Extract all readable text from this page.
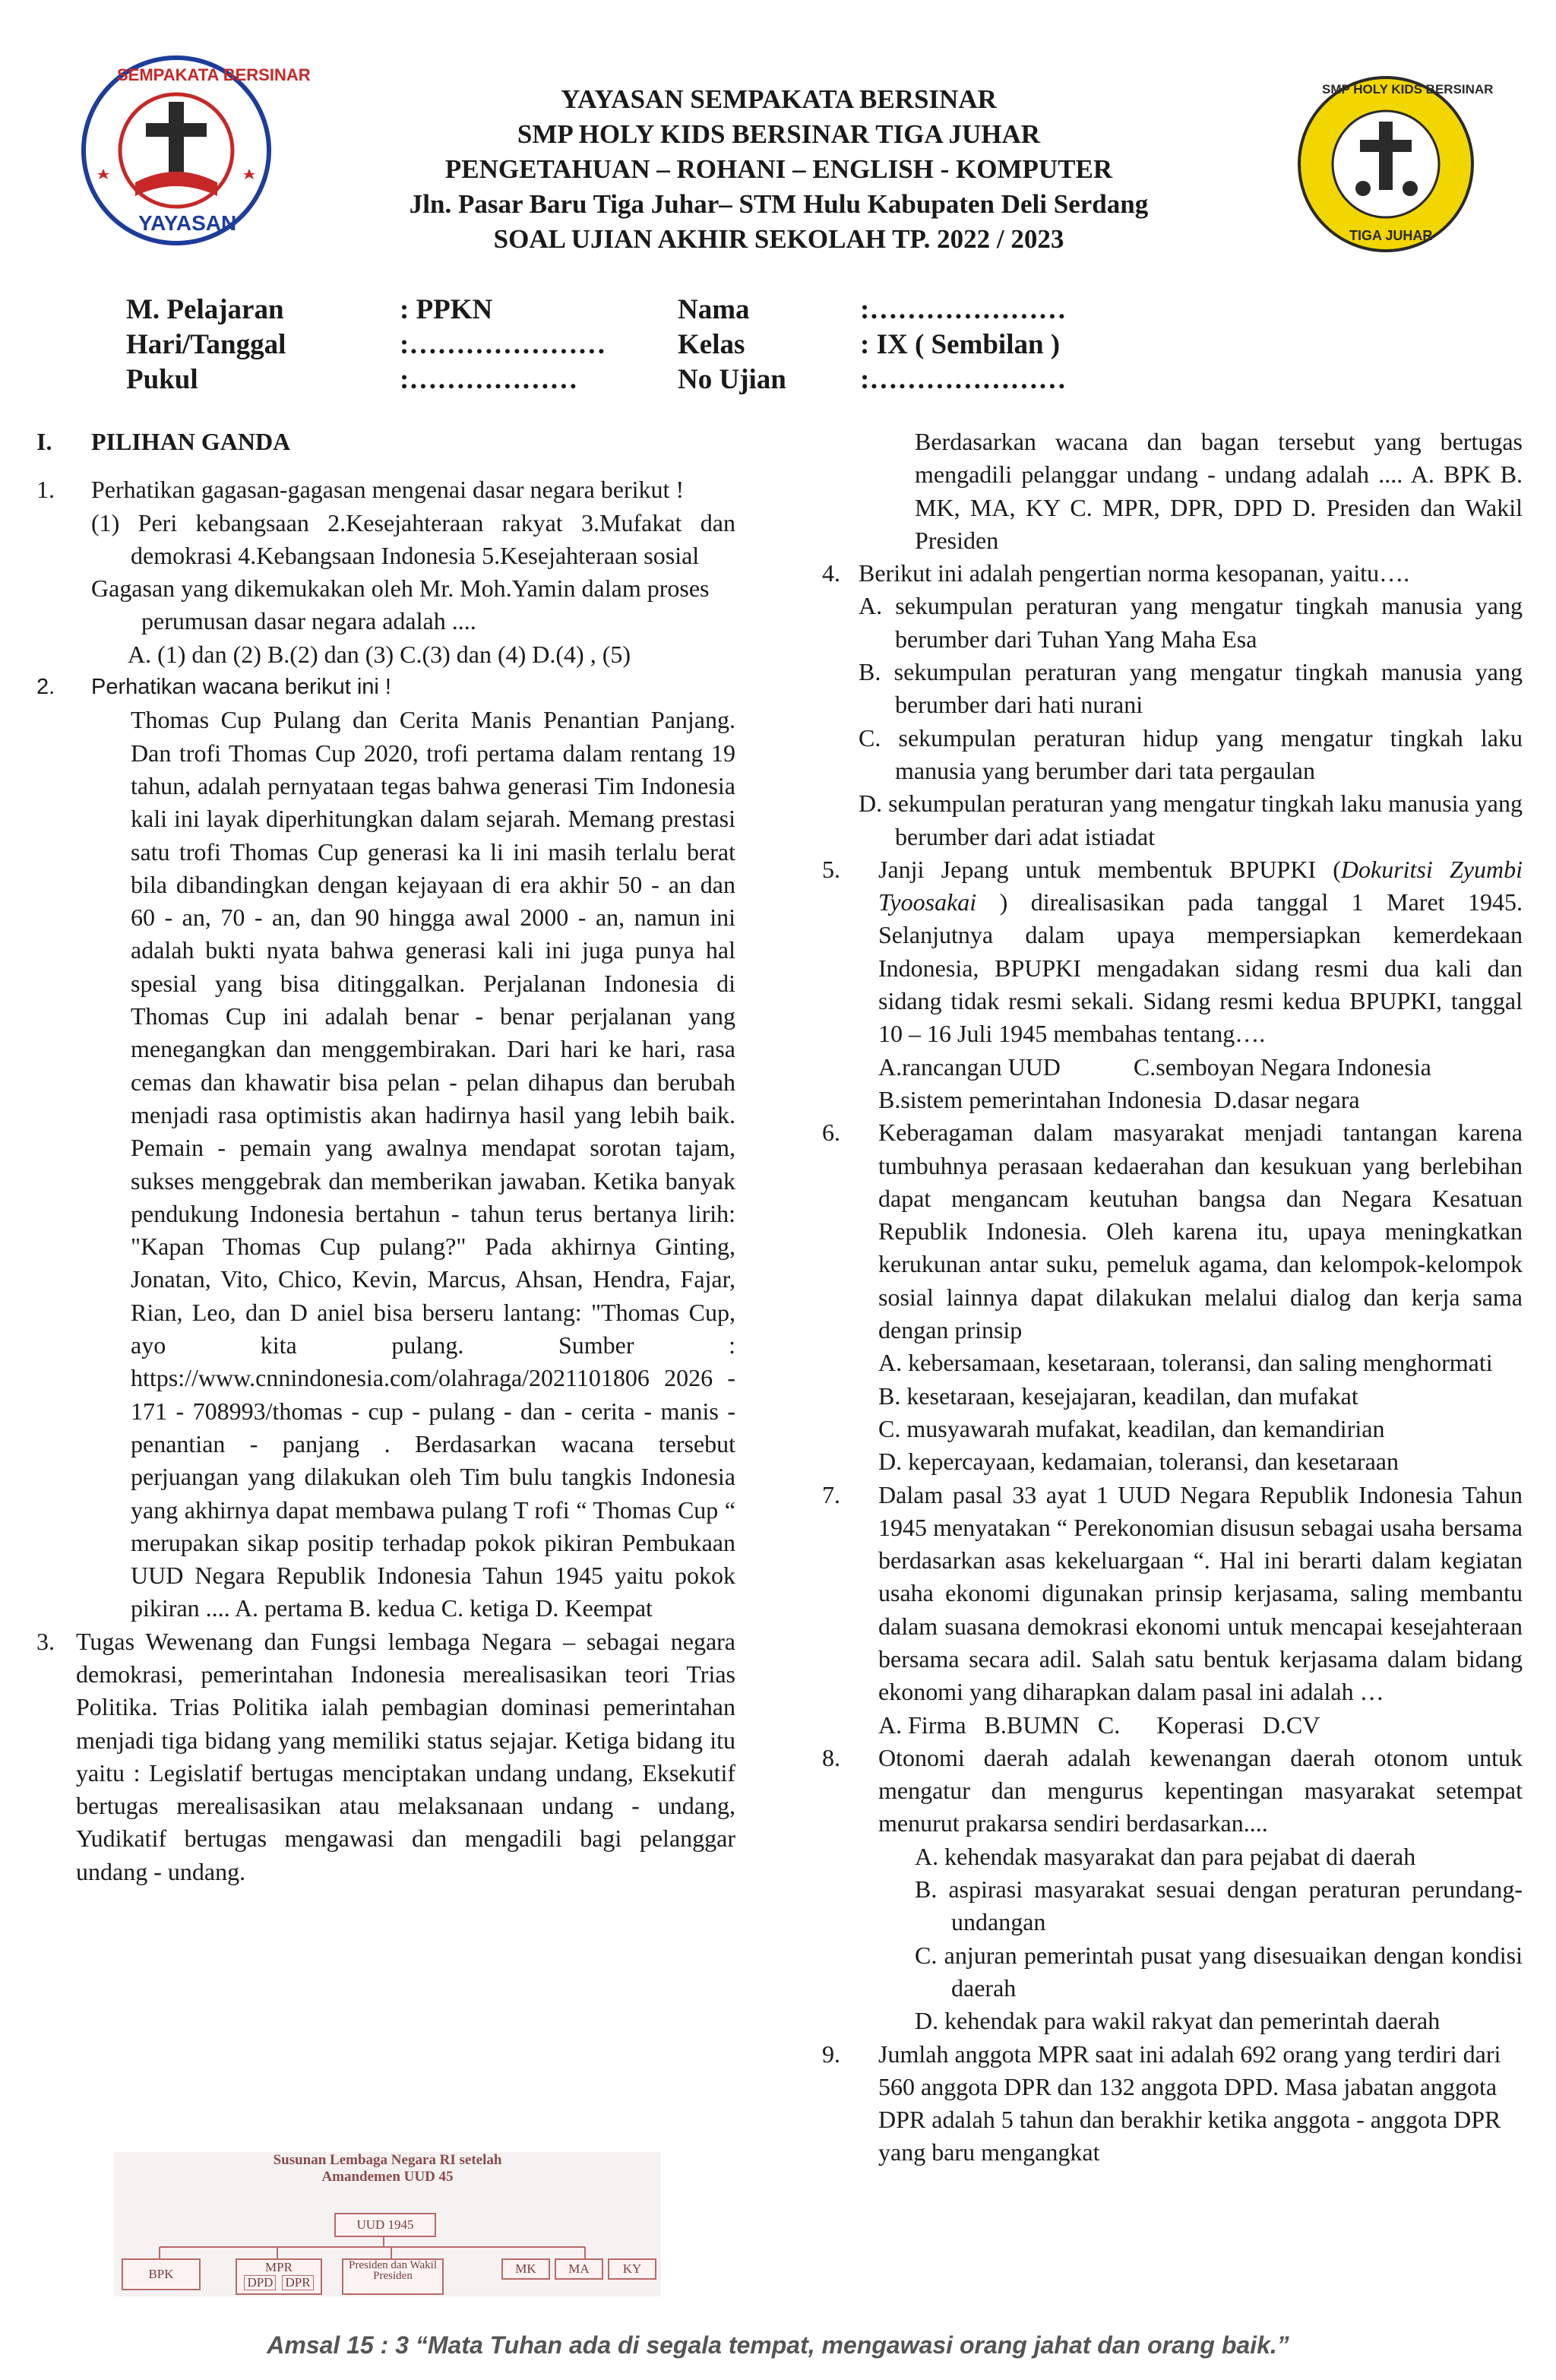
SEMPAKATA BERSINAR
YAYASAN
SMP HOLY KIDS BERSINAR
TIGA JUHAR
YAYASAN SEMPAKATA BERSINAR
SMP HOLY KIDS BERSINAR TIGA JUHAR
PENGETAHUAN – ROHANI – ENGLISH - KOMPUTER
Jln. Pasar Baru Tiga Juhar– STM Hulu Kabupaten Deli Serdang
SOAL UJIAN AKHIR SEKOLAH TP. 2022 / 2023
M. Pelajaran	: PPKN	Nama	:…………………
Hari/Tanggal	:…………………	Kelas	: IX ( Sembilan )
Pukul	:………………	No Ujian	:…………………

I. PILIHAN GANDA

1. Perhatikan gagasan-gagasan mengenai dasar negara berikut !

(1) Peri kebangsaan 2.Kesejahteraan rakyat 3.Mufakat dan demokrasi 4.Kebangsaan Indonesia 5.Kesejahteraan sosial

Gagasan yang dikemukakan oleh Mr. Moh.Yamin dalam proses perumusan dasar negara adalah ....

A. (1) dan (2) B.(2) dan (3) C.(3) dan (4) D.(4) , (5)

2. Perhatikan wacana berikut ini !

Thomas Cup Pulang dan Cerita Manis Penantian Panjang. Dan trofi Thomas Cup 2020, trofi pertama dalam rentang 19 tahun, adalah pernyataan tegas bahwa generasi Tim Indonesia kali ini layak diperhitungkan dalam sejarah. Memang prestasi satu trofi Thomas Cup generasi ka li ini masih terlalu berat bila dibandingkan dengan kejayaan di era akhir 50 - an dan 60 - an, 70 - an, dan 90 hingga awal 2000 - an, namun ini adalah bukti nyata bahwa generasi kali ini juga punya hal spesial yang bisa ditinggalkan. Perjalanan Indonesia di Thomas Cup ini adalah benar - benar perjalanan yang menegangkan dan menggembirakan. Dari hari ke hari, rasa cemas dan khawatir bisa pelan - pelan dihapus dan berubah menjadi rasa optimistis akan hadirnya hasil yang lebih baik. Pemain - pemain yang awalnya mendapat sorotan tajam, sukses menggebrak dan memberikan jawaban. Ketika banyak pendukung Indonesia bertahun - tahun terus bertanya lirih: "Kapan Thomas Cup pulang?" Pada akhirnya Ginting, Jonatan, Vito, Chico, Kevin, Marcus, Ahsan, Hendra, Fajar, Rian, Leo, dan D aniel bisa berseru lantang: "Thomas Cup, ayo kita pulang. Sumber : https://www.cnnindonesia.com/olahraga/2021101806 2026 - 171 - 708993/thomas - cup - pulang - dan - cerita - manis - penantian - panjang . Berdasarkan wacana tersebut perjuangan yang dilakukan oleh Tim bulu tangkis Indonesia yang akhirnya dapat membawa pulang T rofi “ Thomas Cup “ merupakan sikap positip terhadap pokok pikiran Pembukaan UUD Negara Republik Indonesia Tahun 1945 yaitu pokok pikiran .... A. pertama B. kedua C. ketiga D. Keempat

3. Tugas Wewenang dan Fungsi lembaga Negara – sebagai negara demokrasi, pemerintahan Indonesia merealisasikan teori Trias Politika. Trias Politika ialah pembagian dominasi pemerintahan menjadi tiga bidang yang memiliki status sejajar. Ketiga bidang itu yaitu : Legislatif bertugas menciptakan undang undang, Eksekutif bertugas merealisasikan atau melaksanaan undang - undang, Yudikatif bertugas mengawasi dan mengadili bagi pelanggar undang - undang.

Susunan Lembaga Negara RI setelah
Amandemen UUD 45
UUD 1945
BPK	MPR
DPD DPR
Presiden dan Wakil Presiden	MK	MA	KY

Berdasarkan wacana dan bagan tersebut yang bertugas mengadili pelanggar undang - undang adalah .... A. BPK B. MK, MA, KY C. MPR, DPR, DPD D. Presiden dan Wakil Presiden

4. Berikut ini adalah pengertian norma kesopanan, yaitu….

A. sekumpulan peraturan yang mengatur tingkah manusia yang berumber dari Tuhan Yang Maha Esa

B. sekumpulan peraturan yang mengatur tingkah manusia yang berumber dari hati nurani

C. sekumpulan peraturan hidup yang mengatur tingkah laku manusia yang berumber dari tata pergaulan

D. sekumpulan peraturan yang mengatur tingkah laku manusia yang berumber dari adat istiadat

5. Janji Jepang untuk membentuk BPUPKI (Dokuritsi Zyumbi Tyoosakai ) direalisasikan pada tanggal 1 Maret 1945. Selanjutnya dalam upaya mempersiapkan kemerdekaan Indonesia, BPUPKI mengadakan sidang resmi dua kali dan sidang tidak resmi sekali. Sidang resmi kedua BPUPKI, tanggal 10 – 16 Juli 1945 membahas tentang….

A.rancangan UUD            C.semboyan Negara Indonesia

B.sistem pemerintahan Indonesia  D.dasar negara

6. Keberagaman dalam masyarakat menjadi tantangan karena tumbuhnya perasaan kedaerahan dan kesukuan yang berlebihan dapat mengancam keutuhan bangsa dan Negara Kesatuan Republik Indonesia. Oleh karena itu, upaya meningkatkan kerukunan antar suku, pemeluk agama, dan kelompok-kelompok sosial lainnya dapat dilakukan melalui dialog dan kerja sama dengan prinsip

A. kebersamaan, kesetaraan, toleransi, dan saling menghormati

B. kesetaraan, kesejajaran, keadilan, dan mufakat

C. musyawarah mufakat, keadilan, dan kemandirian

D. kepercayaan, kedamaian, toleransi, dan kesetaraan

7. Dalam pasal 33 ayat 1 UUD Negara Republik Indonesia Tahun 1945 menyatakan “ Perekonomian disusun sebagai usaha bersama berdasarkan asas kekeluargaan “. Hal ini berarti dalam kegiatan usaha ekonomi digunakan prinsip kerjasama, saling membantu dalam suasana demokrasi ekonomi untuk mencapai kesejahteraan bersama secara adil. Salah satu bentuk kerjasama dalam bidang ekonomi yang diharapkan dalam pasal ini adalah …

A. Firma   B.BUMN   C.      Koperasi   D.CV

8. Otonomi daerah adalah kewenangan daerah otonom untuk mengatur dan mengurus kepentingan masyarakat setempat menurut prakarsa sendiri berdasarkan....

A. kehendak masyarakat dan para pejabat di daerah

B. aspirasi masyarakat sesuai dengan peraturan perundang-undangan

C. anjuran pemerintah pusat yang disesuaikan dengan kondisi daerah

D. kehendak para wakil rakyat dan pemerintah daerah

9. Jumlah anggota MPR saat ini adalah 692 orang yang terdiri dari 560 anggota DPR dan 132 anggota DPD. Masa jabatan anggota DPR adalah 5 tahun dan berakhir ketika anggota - anggota DPR yang baru mengangkat

Amsal 15 : 3 “Mata Tuhan ada di segala tempat, mengawasi orang jahat dan orang baik.”
